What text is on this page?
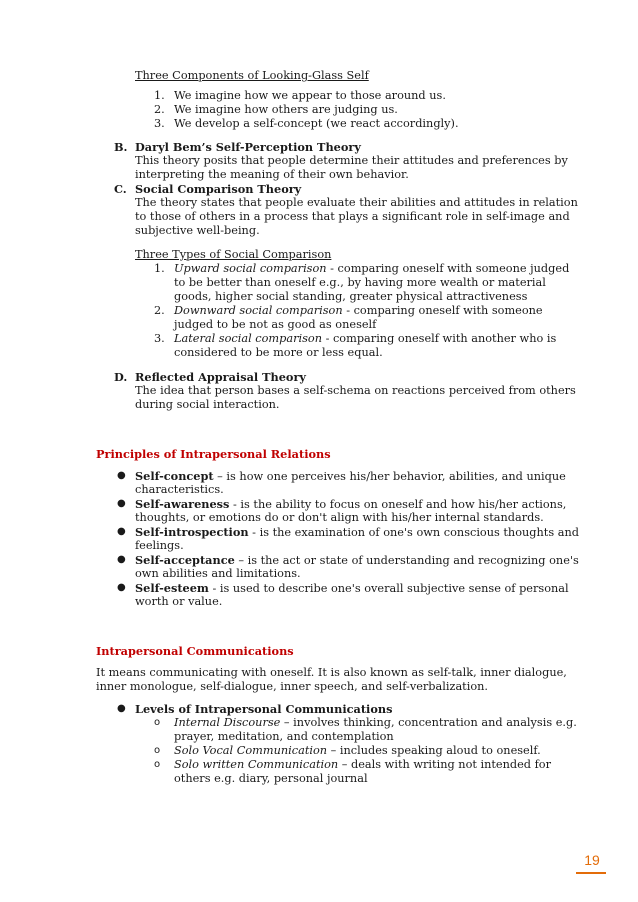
Three Components of Looking-Glass Self
1. We imagine how we appear to those around us.
2. We imagine how others are judging us.
3. We develop a self-concept (we react accordingly).
B. Daryl Bem’s Self-Perception Theory
This theory posits that people determine their attitudes and preferences by
interpreting the meaning of their own behavior.
C. Social Comparison Theory
The theory states that people evaluate their abilities and attitudes in relation
to those of others in a process that plays a significant role in self-image and
subjective well-being.
Three Types of Social Comparison
1. Upward social comparison - comparing oneself with someone judged
to be better than oneself e.g., by having more wealth or material
goods, higher social standing, greater physical attractiveness
2. Downward social comparison - comparing oneself with someone
judged to be not as good as oneself
3. Lateral social comparison - comparing oneself with another who is
considered to be more or less equal.
D. Reflected Appraisal Theory
The idea that person bases a self-schema on reactions perceived from others
during social interaction.
Principles of Intrapersonal Relations
● Self-concept – is how one perceives his/her behavior, abilities, and unique
characteristics.
● Self-awareness - is the ability to focus on oneself and how his/her actions,
thoughts, or emotions do or don't align with his/her internal standards.
● Self-introspection - is the examination of one's own conscious thoughts and
feelings.
● Self-acceptance – is the act or state of understanding and recognizing one's
own abilities and limitations.
● Self-esteem - is used to describe one's overall subjective sense of personal
worth or value.
Intrapersonal Communications
It means communicating with oneself. It is also known as self-talk, inner dialogue,
inner monologue, self-dialogue, inner speech, and self-verbalization.
● Levels of Intrapersonal Communications
o Internal Discourse – involves thinking, concentration and analysis e.g.
prayer, meditation, and contemplation
o Solo Vocal Communication – includes speaking aloud to oneself.
o Solo written Communication – deals with writing not intended for
others e.g. diary, personal journal
19
